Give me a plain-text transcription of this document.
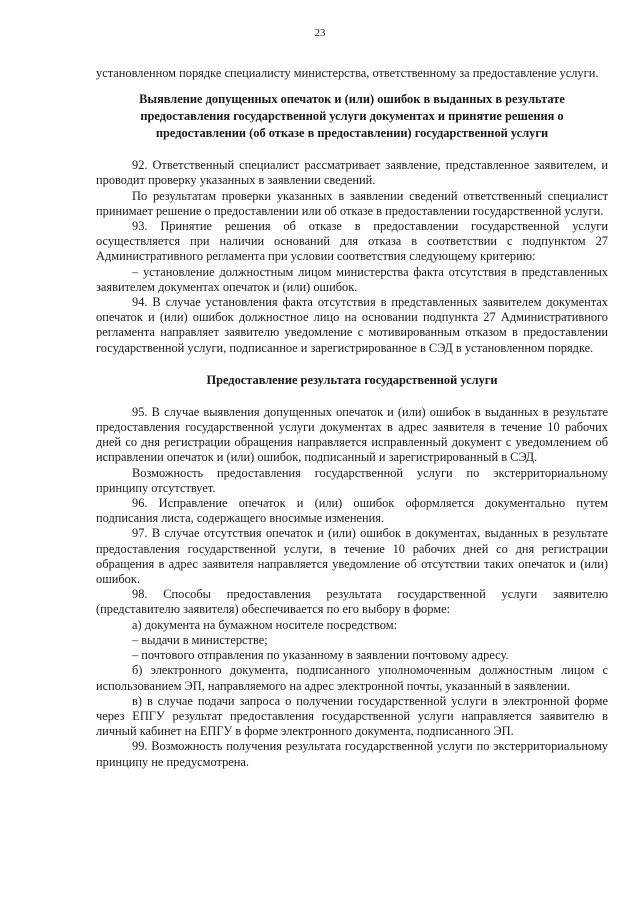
23

установленном порядке специалисту министерства, ответственному за предоставление услуги.

Выявление допущенных опечаток и (или) ошибок в выданных в результате предоставления государственной услуги документах и принятие решения о предоставлении (об отказе в предоставлении) государственной услуги

92. Ответственный специалист рассматривает заявление, представленное заявителем, и проводит проверку указанных в заявлении сведений.

По результатам проверки указанных в заявлении сведений ответственный специалист принимает решение о предоставлении или об отказе в предоставлении государственной услуги.

93. Принятие решения об отказе в предоставлении государственной услуги осуществляется при наличии оснований для отказа в соответствии с подпунктом 27 Административного регламента при условии соответствия следующему критерию:

– установление должностным лицом министерства факта отсутствия в представленных заявителем документах опечаток и (или) ошибок.

94. В случае установления факта отсутствия в представленных заявителем документах опечаток и (или) ошибок должностное лицо на основании подпункта 27 Административного регламента направляет заявителю уведомление с мотивированным отказом в предоставлении государственной услуги, подписанное и зарегистрированное в СЭД в установленном порядке.

Предоставление результата государственной услуги

95. В случае выявления допущенных опечаток и (или) ошибок в выданных в результате предоставления государственной услуги документах в адрес заявителя в течение 10 рабочих дней со дня регистрации обращения направляется исправленный документ с уведомлением об исправлении опечаток и (или) ошибок, подписанный и зарегистрированный в СЭД.

Возможность предоставления государственной услуги по экстерриториальному принципу отсутствует.

96. Исправление опечаток и (или) ошибок оформляется документально путем подписания листа, содержащего вносимые изменения.

97. В случае отсутствия опечаток и (или) ошибок в документах, выданных в результате предоставления государственной услуги, в течение 10 рабочих дней со дня регистрации обращения в адрес заявителя направляется уведомление об отсутствии таких опечаток и (или) ошибок.

98. Способы предоставления результата государственной услуги заявителю (представителю заявителя) обеспечивается по его выбору в форме:

а) документа на бумажном носителе посредством:

– выдачи в министерстве;

– почтового отправления по указанному в заявлении почтовому адресу.

б) электронного документа, подписанного уполномоченным должностным лицом с использованием ЭП, направляемого на адрес электронной почты, указанный в заявлении.

в) в случае подачи запроса о получении государственной услуги в электронной форме через ЕПГУ результат предоставления государственной услуги направляется заявителю в личный кабинет на ЕПГУ в форме электронного документа, подписанного ЭП.

99. Возможность получения результата государственной услуги по экстерриториальному принципу не предусмотрена.
